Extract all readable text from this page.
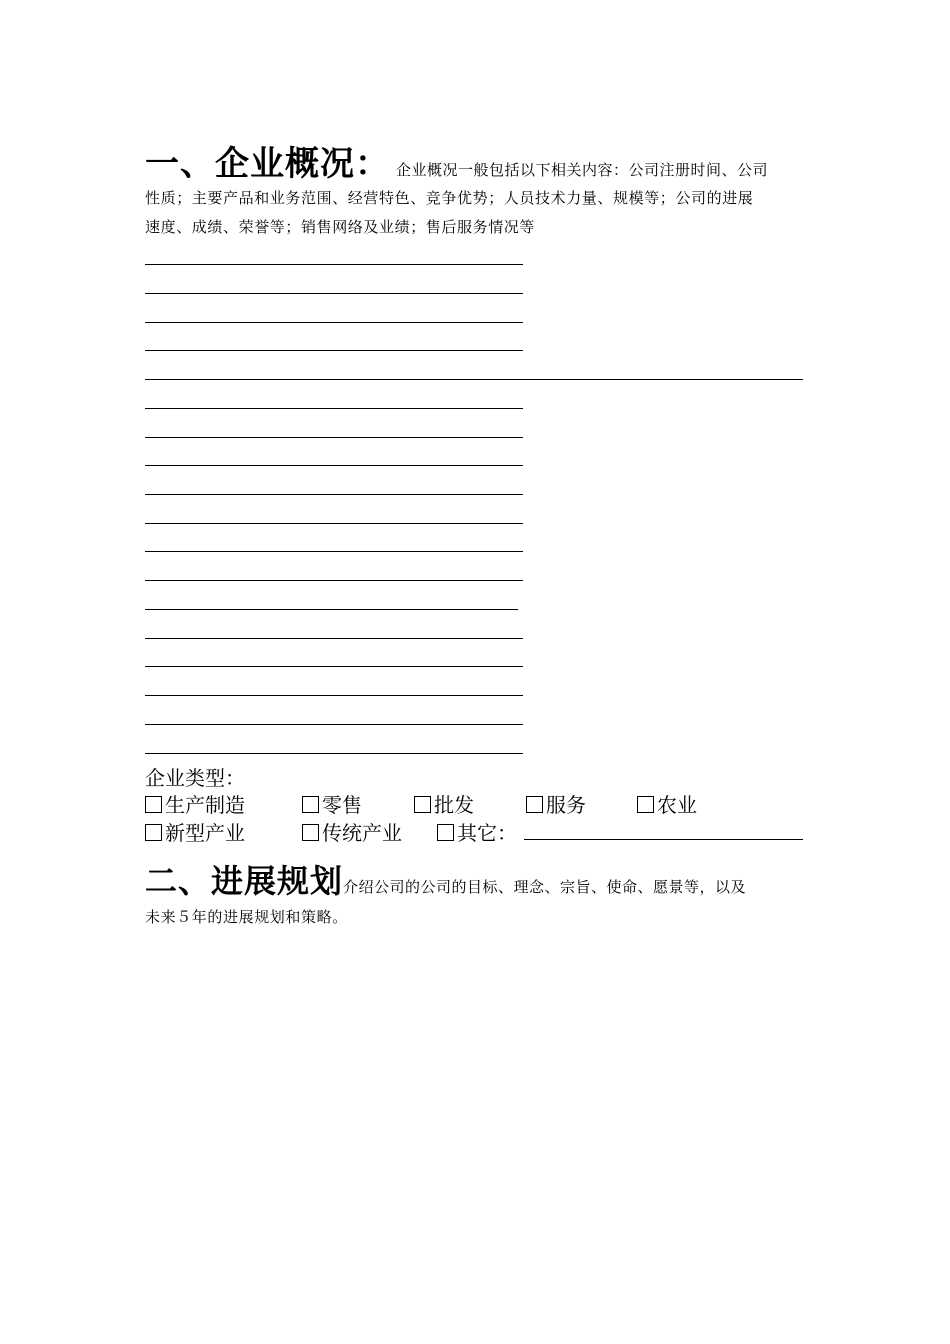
一、企业概况： 企业概况一般包括以下相关内容：公司注册时间、公司
性质；主要产品和业务范围、经营特色、竞争优势；人员技术力量、规模等；公司的进展
速度、成绩、荣誉等；销售网络及业绩；售后服务情况等
企业类型：
生产制造	零售	批发	服务	农业
新型产业	传统产业	其它：
二、进展规划介绍公司的公司的目标、理念、宗旨、使命、愿景等，以及
未来５年的进展规划和策略。
